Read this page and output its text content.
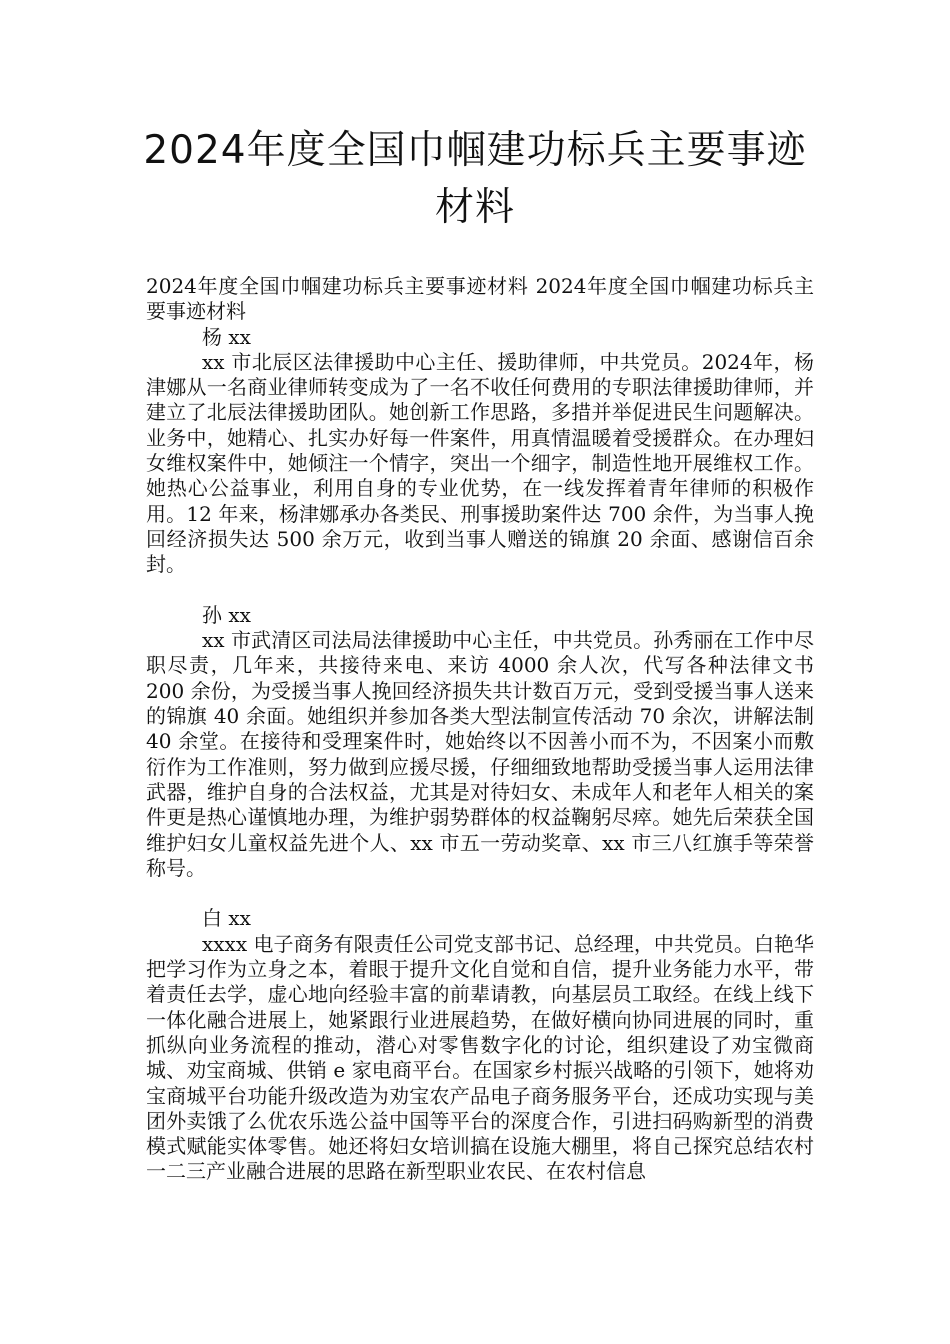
2024年度全国巾帼建功标兵主要事迹材料

2024年度全国巾帼建功标兵主要事迹材料 2024年度全国巾帼建功标兵主要事迹材料

杨 xx

xx 市北辰区法律援助中心主任、援助律师，中共党员。2024年，杨津娜从一名商业律师转变成为了一名不收任何费用的专职法律援助律师，并建立了北辰法律援助团队。她创新工作思路，多措并举促进民生问题解决。业务中，她精心、扎实办好每一件案件，用真情温暖着受援群众。在办理妇女维权案件中，她倾注一个情字，突出一个细字，制造性地开展维权工作。她热心公益事业，利用自身的专业优势，在一线发挥着青年律师的积极作用。12 年来，杨津娜承办各类民、刑事援助案件达 700 余件，为当事人挽回经济损失达 500 余万元，收到当事人赠送的锦旗 20 余面、感谢信百余封。

孙 xx

xx 市武清区司法局法律援助中心主任，中共党员。孙秀丽在工作中尽职尽责，几年来，共接待来电、来访 4000 余人次，代写各种法律文书 200 余份，为受援当事人挽回经济损失共计数百万元，受到受援当事人送来的锦旗 40 余面。她组织并参加各类大型法制宣传活动 70 余次，讲解法制 40 余堂。在接待和受理案件时，她始终以不因善小而不为，不因案小而敷衍作为工作准则，努力做到应援尽援，仔细细致地帮助受援当事人运用法律武器，维护自身的合法权益，尤其是对待妇女、未成年人和老年人相关的案件更是热心谨慎地办理，为维护弱势群体的权益鞠躬尽瘁。她先后荣获全国维护妇女儿童权益先进个人、xx 市五一劳动奖章、xx 市三八红旗手等荣誉称号。

白 xx

xxxx 电子商务有限责任公司党支部书记、总经理，中共党员。白艳华把学习作为立身之本，着眼于提升文化自觉和自信，提升业务能力水平，带着责任去学，虚心地向经验丰富的前辈请教，向基层员工取经。在线上线下一体化融合进展上，她紧跟行业进展趋势，在做好横向协同进展的同时，重抓纵向业务流程的推动，潜心对零售数字化的讨论，组织建设了劝宝微商城、劝宝商城、供销 e 家电商平台。在国家乡村振兴战略的引领下，她将劝宝商城平台功能升级改造为劝宝农产品电子商务服务平台，还成功实现与美团外卖饿了么优农乐选公益中国等平台的深度合作，引进扫码购新型的消费模式赋能实体零售。她还将妇女培训搞在设施大棚里，将自己探究总结农村一二三产业融合进展的思路在新型职业农民、在农村信息
